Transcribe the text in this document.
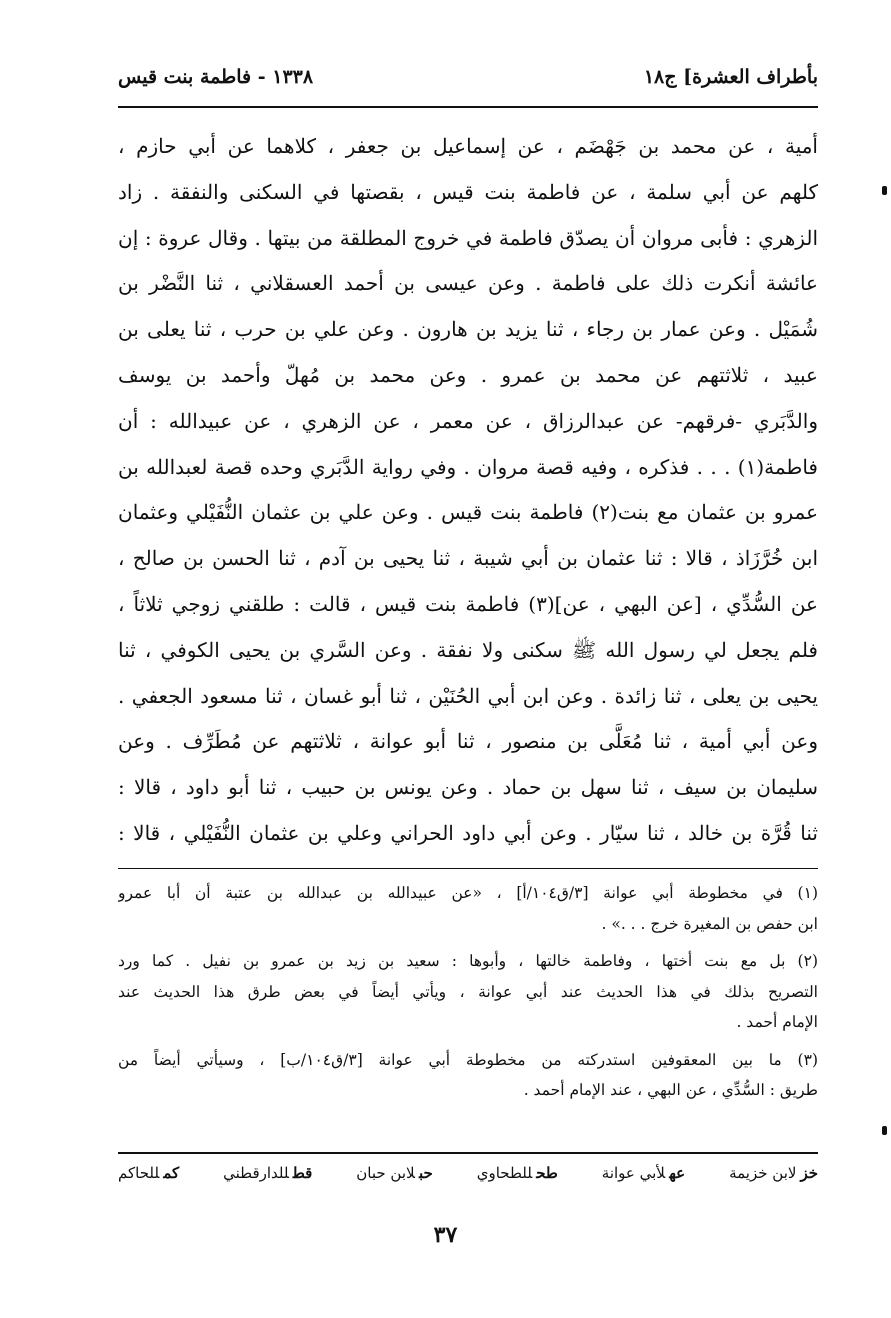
بأطراف العشرة] ج١٨
١٣٣٨ - فاطمة بنت قيس
أمية ، عن محمد بن جَهْضَم ، عن إسماعيل بن جعفر ، كلاهما عن أبي حازم ،
كلهم عن أبي سلمة ، عن فاطمة بنت قيس ، بقصتها في السكنى والنفقة . زاد
الزهري : فأبى مروان أن يصدّق فاطمة في خروج المطلقة من بيتها . وقال عروة : إن
عائشة أنكرت ذلك على فاطمة . وعن عيسى بن أحمد العسقلاني ، ثنا النَّضْر بن
شُمَيْل . وعن عمار بن رجاء ، ثنا يزيد بن هارون . وعن علي بن حرب ، ثنا يعلى بن
عبيد ، ثلاثتهم عن محمد بن عمرو . وعن محمد بن مُهلّ وأحمد بن يوسف
والدَّبَري -فرقهم- عن عبدالرزاق ، عن معمر ، عن الزهري ، عن عبيدالله : أن
فاطمة(١) . . . فذكره ، وفيه قصة مروان . وفي رواية الدَّبَري وحده قصة لعبدالله بن
عمرو بن عثمان مع بنت(٢) فاطمة بنت قيس . وعن علي بن عثمان النُّفَيْلي وعثمان
ابن خُرَّزَاذ ، قالا : ثنا عثمان بن أبي شيبة ، ثنا يحيى بن آدم ، ثنا الحسن بن صالح ،
عن السُّدِّي ، [عن البهي ، عن](٣) فاطمة بنت قيس ، قالت : طلقني زوجي ثلاثاً ،
فلم يجعل لي رسول الله ﷺ سكنى ولا نفقة . وعن السَّري بن يحيى الكوفي ، ثنا
يحيى بن يعلى ، ثنا زائدة . وعن ابن أبي الحُنَيْن ، ثنا أبو غسان ، ثنا مسعود الجعفي .
وعن أبي أمية ، ثنا مُعَلَّى بن منصور ، ثنا أبو عوانة ، ثلاثتهم عن مُطَرِّف . وعن
سليمان بن سيف ، ثنا سهل بن حماد . وعن يونس بن حبيب ، ثنا أبو داود ، قالا :
ثنا قُرَّة بن خالد ، ثنا سيّار . وعن أبي داود الحراني وعلي بن عثمان النُّفَيْلي ، قالا :
(١) في مخطوطة أبي عوانة [٣/ق١٠٤/أ] ، «عن عبيدالله بن عبدالله بن عتبة أن أبا عمرو
ابن حفص بن المغيرة خرج . . .» .
(٢) بل مع بنت أختها ، وفاطمة خالتها ، وأبوها : سعيد بن زيد بن عمرو بن نفيل . كما ورد
التصريح بذلك في هذا الحديث عند أبي عوانة ، ويأتي أيضاً في بعض طرق هذا الحديث عند
الإمام أحمد .
(٣) ما بين المعقوفين استدركته من مخطوطة أبي عوانة [٣/ق١٠٤/ب] ، وسيأتي أيضاً من
طريق : السُّدِّي ، عن البهي ، عند الإمام أحمد .
خزلابن خزيمة
عهلأبي عوانة
طحللطحاوي
حبلابن حبان
قطللدارقطني
كمللحاكم
٣٧
